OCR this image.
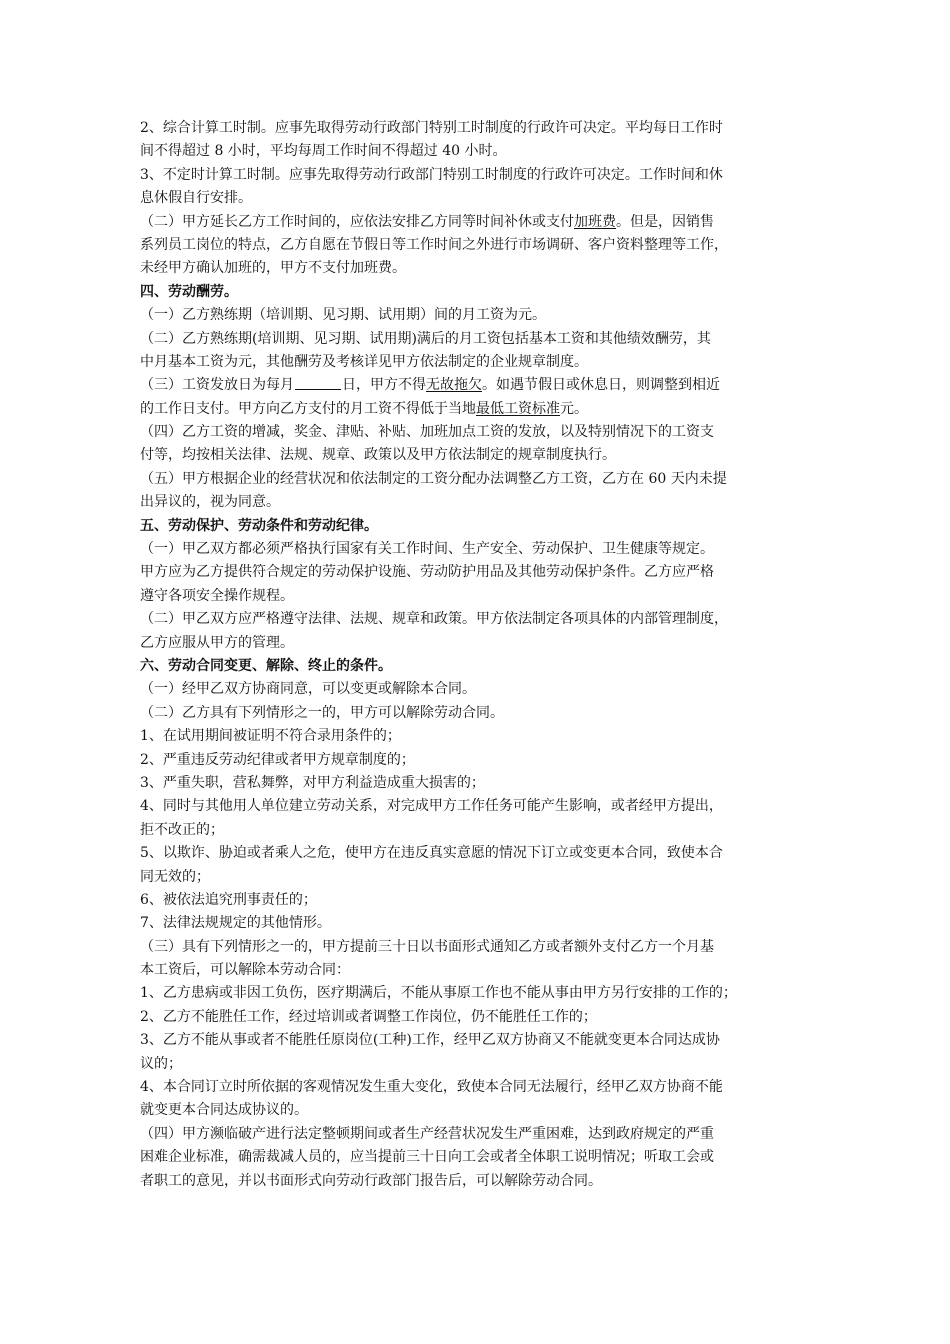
2、综合计算工时制。应事先取得劳动行政部门特别工时制度的行政许可决定。平均每日工作时
间不得超过 8 小时，平均每周工作时间不得超过 40 小时。
3、不定时计算工时制。应事先取得劳动行政部门特别工时制度的行政许可决定。工作时间和休
息休假自行安排。
（二）甲方延长乙方工作时间的，应依法安排乙方同等时间补休或支付加班费。但是，因销售
系列员工岗位的特点，乙方自愿在节假日等工作时间之外进行市场调研、客户资料整理等工作，
未经甲方确认加班的，甲方不支付加班费。
四、劳动酬劳。
（一）乙方熟练期（培训期、见习期、试用期）间的月工资为元。
（二）乙方熟练期(培训期、见习期、试用期)满后的月工资包括基本工资和其他绩效酬劳，其
中月基本工资为元，其他酬劳及考核详见甲方依法制定的企业规章制度。
（三）工资发放日为每月	日，甲方不得无故拖欠。如遇节假日或休息日，则调整到相近
的工作日支付。甲方向乙方支付的月工资不得低于当地最低工资标准元。
（四）乙方工资的增减，奖金、津贴、补贴、加班加点工资的发放，以及特别情况下的工资支
付等，均按相关法律、法规、规章、政策以及甲方依法制定的规章制度执行。
（五）甲方根据企业的经营状况和依法制定的工资分配办法调整乙方工资，乙方在 60 天内未提
出异议的，视为同意。
五、劳动保护、劳动条件和劳动纪律。
（一）甲乙双方都必须严格执行国家有关工作时间、生产安全、劳动保护、卫生健康等规定。
甲方应为乙方提供符合规定的劳动保护设施、劳动防护用品及其他劳动保护条件。乙方应严格
遵守各项安全操作规程。
（二）甲乙双方应严格遵守法律、法规、规章和政策。甲方依法制定各项具体的内部管理制度，
乙方应服从甲方的管理。
六、劳动合同变更、解除、终止的条件。
（一）经甲乙双方协商同意，可以变更或解除本合同。
（二）乙方具有下列情形之一的，甲方可以解除劳动合同。
1、在试用期间被证明不符合录用条件的；
2、严重违反劳动纪律或者甲方规章制度的；
3、严重失职，营私舞弊，对甲方利益造成重大损害的；
4、同时与其他用人单位建立劳动关系，对完成甲方工作任务可能产生影响，或者经甲方提出，
拒不改正的；
5、以欺诈、胁迫或者乘人之危，使甲方在违反真实意愿的情况下订立或变更本合同，致使本合
同无效的；
6、被依法追究刑事责任的；
7、法律法规规定的其他情形。
（三）具有下列情形之一的，甲方提前三十日以书面形式通知乙方或者额外支付乙方一个月基
本工资后，可以解除本劳动合同：
1、乙方患病或非因工负伤，医疗期满后，不能从事原工作也不能从事由甲方另行安排的工作的；
2、乙方不能胜任工作，经过培训或者调整工作岗位，仍不能胜任工作的；
3、乙方不能从事或者不能胜任原岗位(工种)工作，经甲乙双方协商又不能就变更本合同达成协
议的；
4、本合同订立时所依据的客观情况发生重大变化，致使本合同无法履行，经甲乙双方协商不能
就变更本合同达成协议的。
（四）甲方濒临破产进行法定整顿期间或者生产经营状况发生严重困难，达到政府规定的严重
困难企业标准，确需裁减人员的，应当提前三十日向工会或者全体职工说明情况；听取工会或
者职工的意见，并以书面形式向劳动行政部门报告后，可以解除劳动合同。
